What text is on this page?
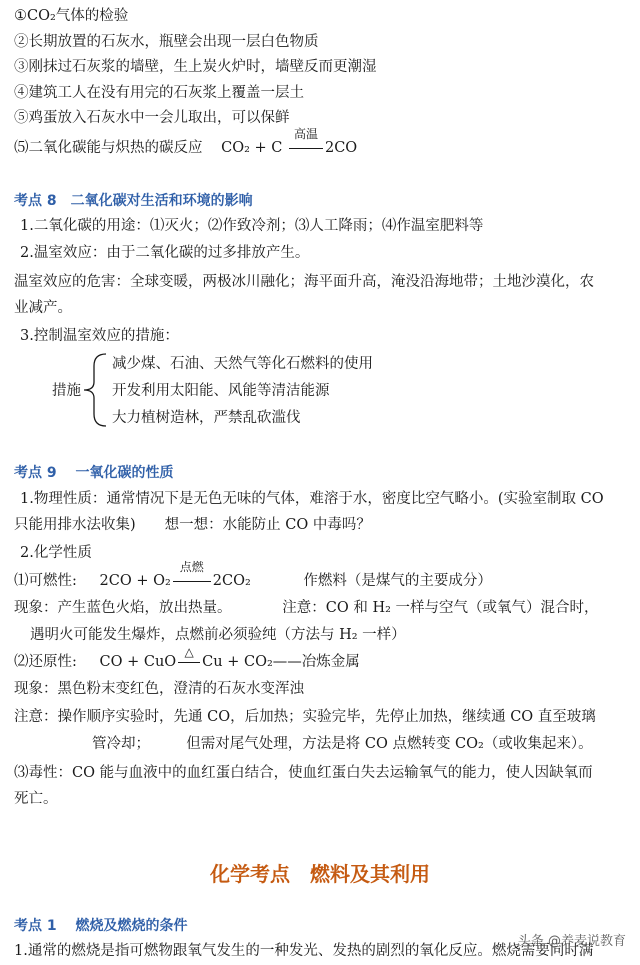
①CO₂气体的检验
②长期放置的石灰水，瓶壁会出现一层白色物质
③刚抹过石灰浆的墙壁，生上炭火炉时，墙壁反而更潮湿
④建筑工人在没有用完的石灰浆上覆盖一层土
⑤鸡蛋放入石灰水中一会儿取出，可以保鲜
⑸二氧化碳能与炽热的碳反应 CO₂ + C
高温
2CO
考点 8　二氧化碳对生活和环境的影响
1.二氧化碳的用途：⑴灭火；⑵作致冷剂；⑶人工降雨；⑷作温室肥料等
2.温室效应：由于二氧化碳的过多排放产生。
温室效应的危害：全球变暖，两极冰川融化；海平面升高，淹没沿海地带；土地沙漠化，农
业减产。
3.控制温室效应的措施：
措施
减少煤、石油、天然气等化石燃料的使用
开发利用太阳能、风能等清洁能源
大力植树造林，严禁乱砍滥伐
考点 9　 一氧化碳的性质
1.物理性质：通常情况下是无色无味的气体，难溶于水，密度比空气略小。(实验室制取 CO
只能用排水法收集)　　想一想：水能防止 CO 中毒吗？
2.化学性质
⑴可燃性: 2CO + O₂
点燃
2CO₂	作燃料（是煤气的主要成分）
现象：产生蓝色火焰，放出热量。　　　　注意：CO 和 H₂ 一样与空气（或氧气）混合时，
遇明火可能发生爆炸，点燃前必须验纯（方法与 H₂ 一样）
⑵还原性: CO + CuO
△
Cu + CO₂——冶炼金属
现象：黑色粉末变红色，澄清的石灰水变浑浊
注意：操作顺序实验时，先通 CO，后加热；实验完毕，先停止加热，继续通 CO 直至玻璃
管冷却；　　　但需对尾气处理，方法是将 CO 点燃转变 CO₂（或收集起来）。
⑶毒性：CO 能与血液中的血红蛋白结合，使血红蛋白失去运输氧气的能力，使人因缺氧而
死亡。
化学考点　燃料及其利用
考点 1　 燃烧及燃烧的条件
1.通常的燃烧是指可燃物跟氧气发生的一种发光、发热的剧烈的氧化反应。燃烧需要同时满
头条 @养麦说教育
